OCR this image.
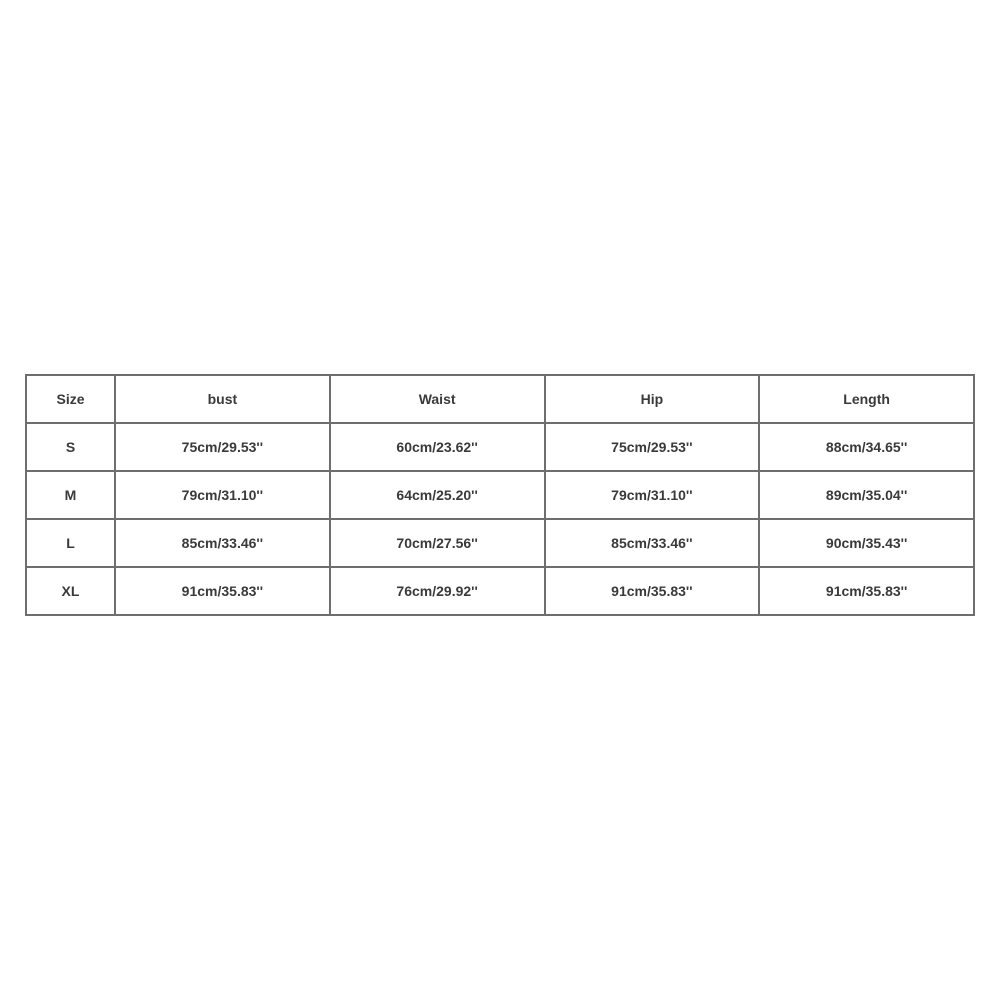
Size	bust	Waist	Hip	Length
S	75cm/29.53''	60cm/23.62''	75cm/29.53''	88cm/34.65''
M	79cm/31.10''	64cm/25.20''	79cm/31.10''	89cm/35.04''
L	85cm/33.46''	70cm/27.56''	85cm/33.46''	90cm/35.43''
XL	91cm/35.83''	76cm/29.92''	91cm/35.83''	91cm/35.83''
